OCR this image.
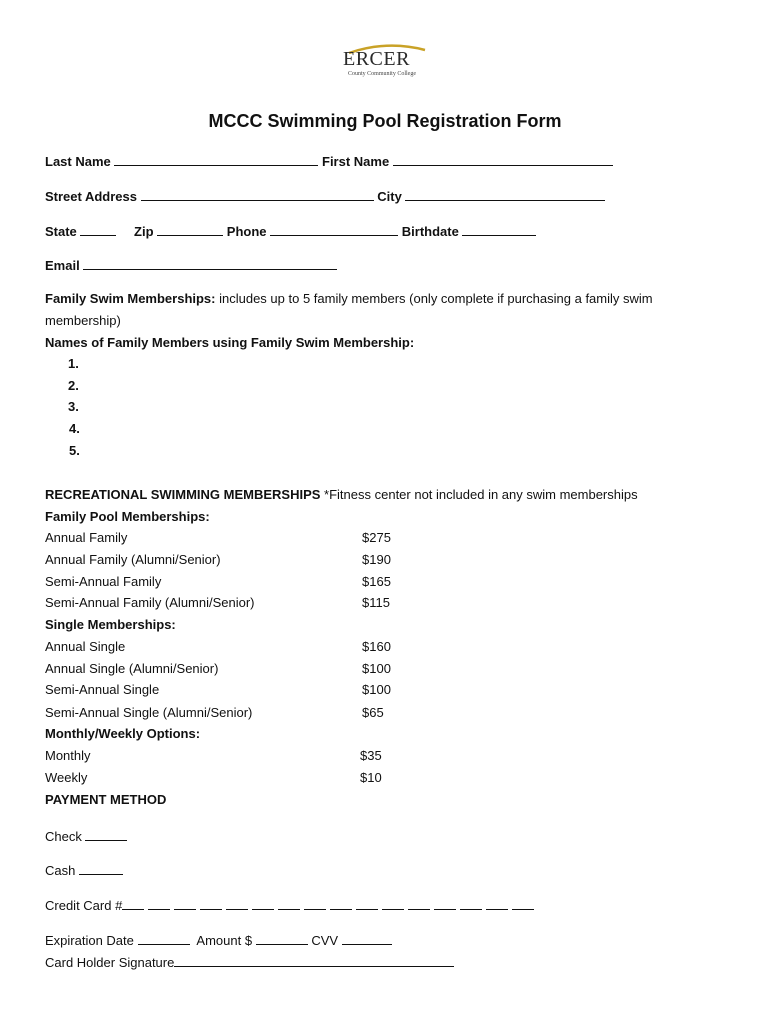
ERCER
County Community College
MCCC Swimming Pool Registration Form
Last Name	First Name
Street Address	City
State	Zip	Phone	Birthdate
Email
Family Swim Memberships: includes up to 5 family members (only complete if purchasing a family swim
membership)
Names of Family Members using Family Swim Membership:
1.
2.
3.
4.
5.
RECREATIONAL SWIMMING MEMBERSHIPS *Fitness center not included in any swim memberships
Family Pool Memberships:
Annual Family	$275
Annual Family (Alumni/Senior)	$190
Semi-Annual Family	$165
Semi-Annual Family (Alumni/Senior)	$115
Single Memberships:
Annual Single	$160
Annual Single (Alumni/Senior)	$100
Semi-Annual Single	$100
Semi-Annual Single (Alumni/Senior)	$65
Monthly/Weekly Options:
Monthly	$35
Weekly	$10
PAYMENT METHOD
Check
Cash
Credit Card #
Expiration Date	Amount $	CVV
Card Holder Signature
